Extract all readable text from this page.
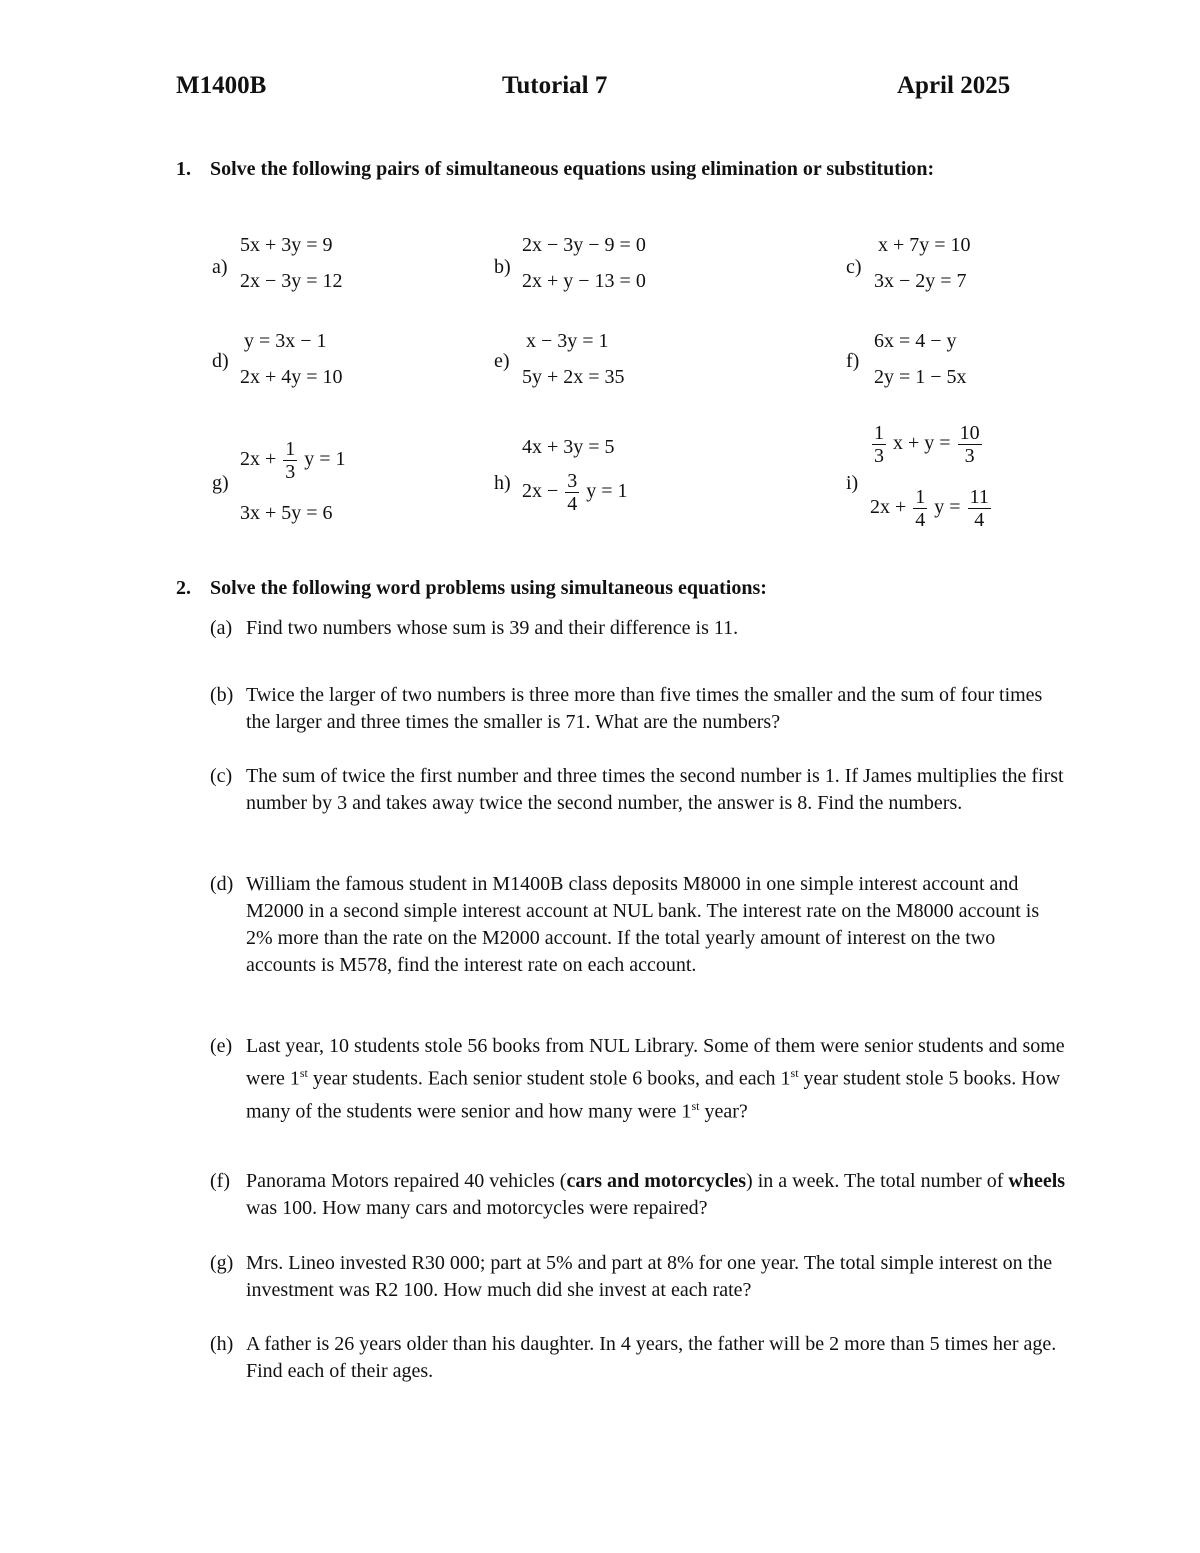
M1400B	Tutorial 7	April 2025
1. Solve the following pairs of simultaneous equations using elimination or substitution:
a)
5x + 3y = 9
2x − 3y = 12
b)
2x − 3y − 9 = 0
2x + y − 13 = 0
c)
x + 7y = 10
3x − 2y = 7
d)
y = 3x − 1
2x + 4y = 10
e)
x − 3y = 1
5y + 2x = 35
f)
6x = 4 − y
2y = 1 − 5x
g)
$2x + \frac{1}{3}$ y = 1
3x + 5y = 6
h)
4x + 3y = 5
$2x - \frac{3}{4}$ y = 1	i)
$\frac{1}{3}$ $x + y = \frac{10}{3}$
$2x + \frac{1}{4}$ $y = \frac{11}{4}$
2. Solve the following word problems using simultaneous equations:
(a) Find two numbers whose sum is 39 and their difference is 11.
(b) Twice the larger of two numbers is three more than five times the smaller and the sum of four times the larger and three times the smaller is 71. What are the numbers?
(c) The sum of twice the first number and three times the second number is 1. If James multiplies the first number by 3 and takes away twice the second number, the answer is 8. Find the numbers.
(d) William the famous student in M1400B class deposits M8000 in one simple interest account and M2000 in a second simple interest account at NUL bank. The interest rate on the M8000 account is 2% more than the rate on the M2000 account. If the total yearly amount of interest on the two accounts is M578, find the interest rate on each account.
(e) Last year, 10 students stole 56 books from NUL Library. Some of them were senior students and some were 1st year students. Each senior student stole 6 books, and each 1st year student stole 5 books. How many of the students were senior and how many were 1st year?
(f) Panorama Motors repaired 40 vehicles (cars and motorcycles) in a week. The total number of wheels was 100. How many cars and motorcycles were repaired?
(g) Mrs. Lineo invested R30 000; part at 5% and part at 8% for one year. The total simple interest on the investment was R2 100. How much did she invest at each rate?
(h) A father is 26 years older than his daughter. In 4 years, the father will be 2 more than 5 times her age. Find each of their ages.
